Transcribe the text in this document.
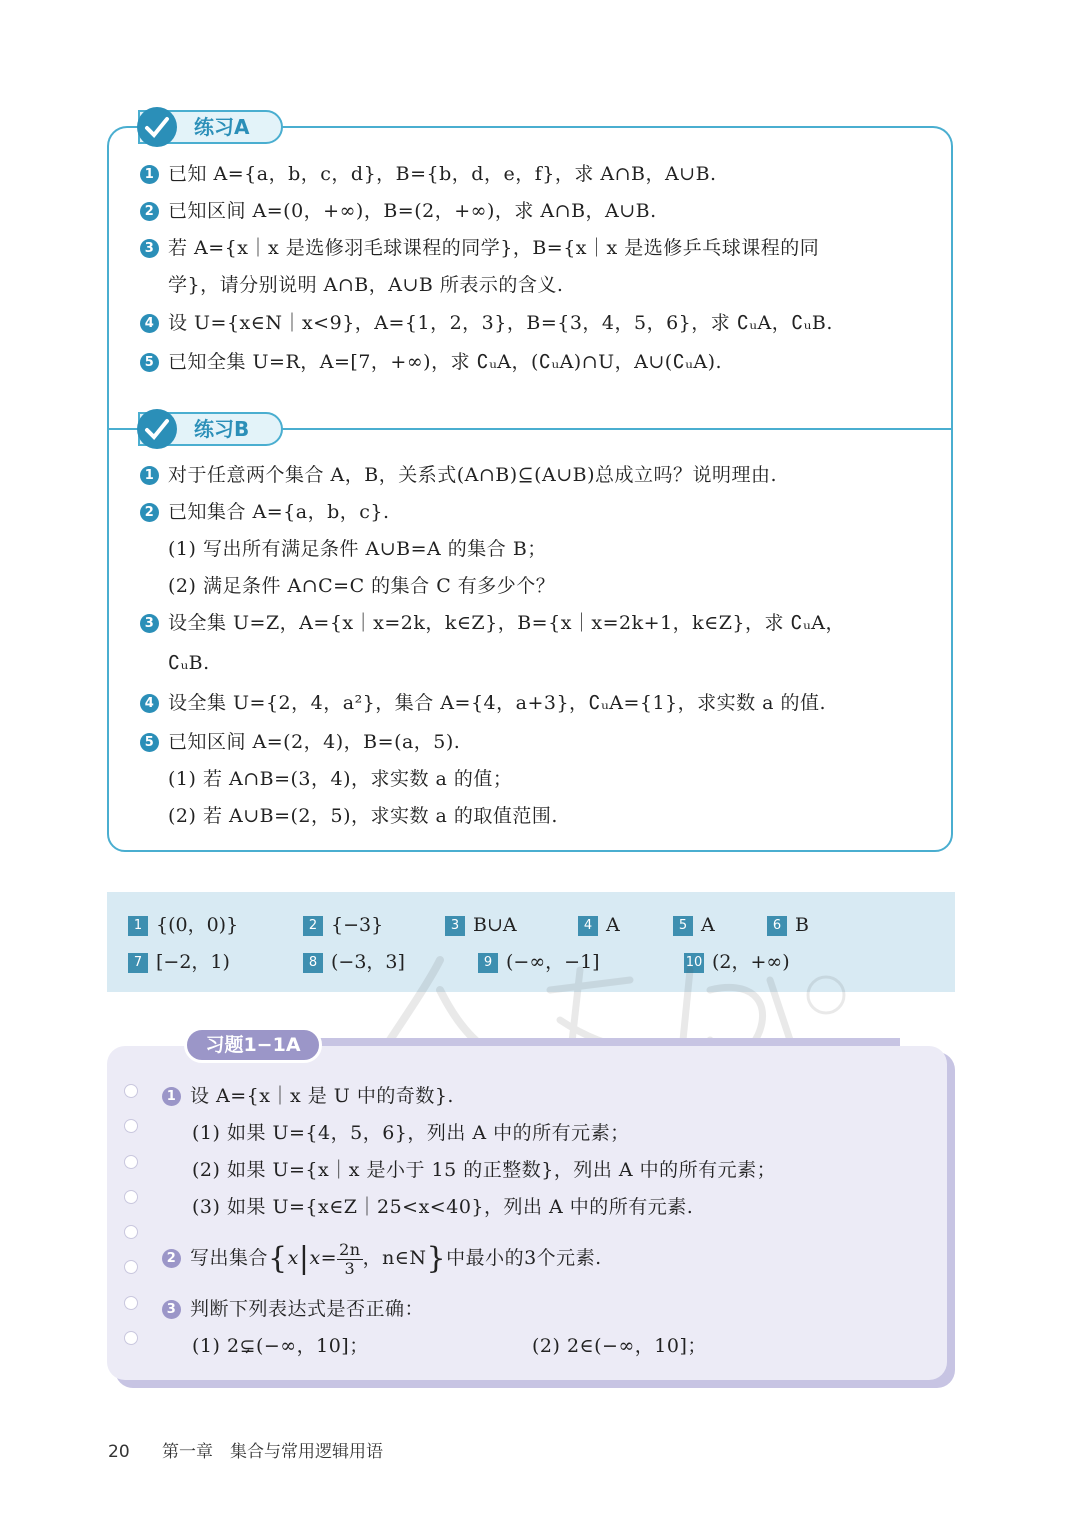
练习A
1 已知 A={a，b，c，d}，B={b，d，e，f}，求 A∩B，A∪B.
2 已知区间 A=(0，+∞)，B=(2，+∞)，求 A∩B，A∪B.
3 若 A={x｜x 是选修羽毛球课程的同学}，B={x｜x 是选修乒乓球课程的同
学}，请分别说明 A∩B，A∪B 所表示的含义.
4 设 U={x∈N｜x<9}，A={1，2，3}，B={3，4，5，6}，求 ∁ᵤA，∁ᵤB.
5 已知全集 U=R，A=[7，+∞)，求 ∁ᵤA，(∁ᵤA)∩U，A∪(∁ᵤA).
练习B
1 对于任意两个集合 A，B，关系式(A∩B)⊆(A∪B)总成立吗？说明理由.
2 已知集合 A={a，b，c}.
(1) 写出所有满足条件 A∪B=A 的集合 B；
(2) 满足条件 A∩C=C 的集合 C 有多少个？
3 设全集 U=Z，A={x｜x=2k，k∈Z}，B={x｜x=2k+1，k∈Z}，求 ∁ᵤA，
∁ᵤB.
4 设全集 U={2，4，a²}，集合 A={4，a+3}，∁ᵤA={1}，求实数 a 的值.
5 已知区间 A=(2，4)，B=(a，5).
(1) 若 A∩B=(3，4)，求实数 a 的值；
(2) 若 A∪B=(2，5)，求实数 a 的取值范围.
1 {(0，0)}	2 {−3}	3 B∪A	4 A	5 A	6 B
7 [−2，1)	8 (−3，3]	9 (−∞，−1]	10 (2，+∞)
习题1−1A
1 设 A={x｜x 是 U 中的奇数}.
(1) 如果 U={4，5，6}，列出 A 中的所有元素；
(2) 如果 U={x｜x 是小于 15 的正整数}，列出 A 中的所有元素；
(3) 如果 U={x∈Z｜25<x<40}，列出 A 中的所有元素.
2 写出集合{$x|x= \frac{2n}{3}$ ，n∈N}中最小的3个元素.
3 判断下列表达式是否正确：
(1) 2⊊(−∞，10]；	(2) 2∈(−∞，10]；
20 第一章　集合与常用逻辑用语
